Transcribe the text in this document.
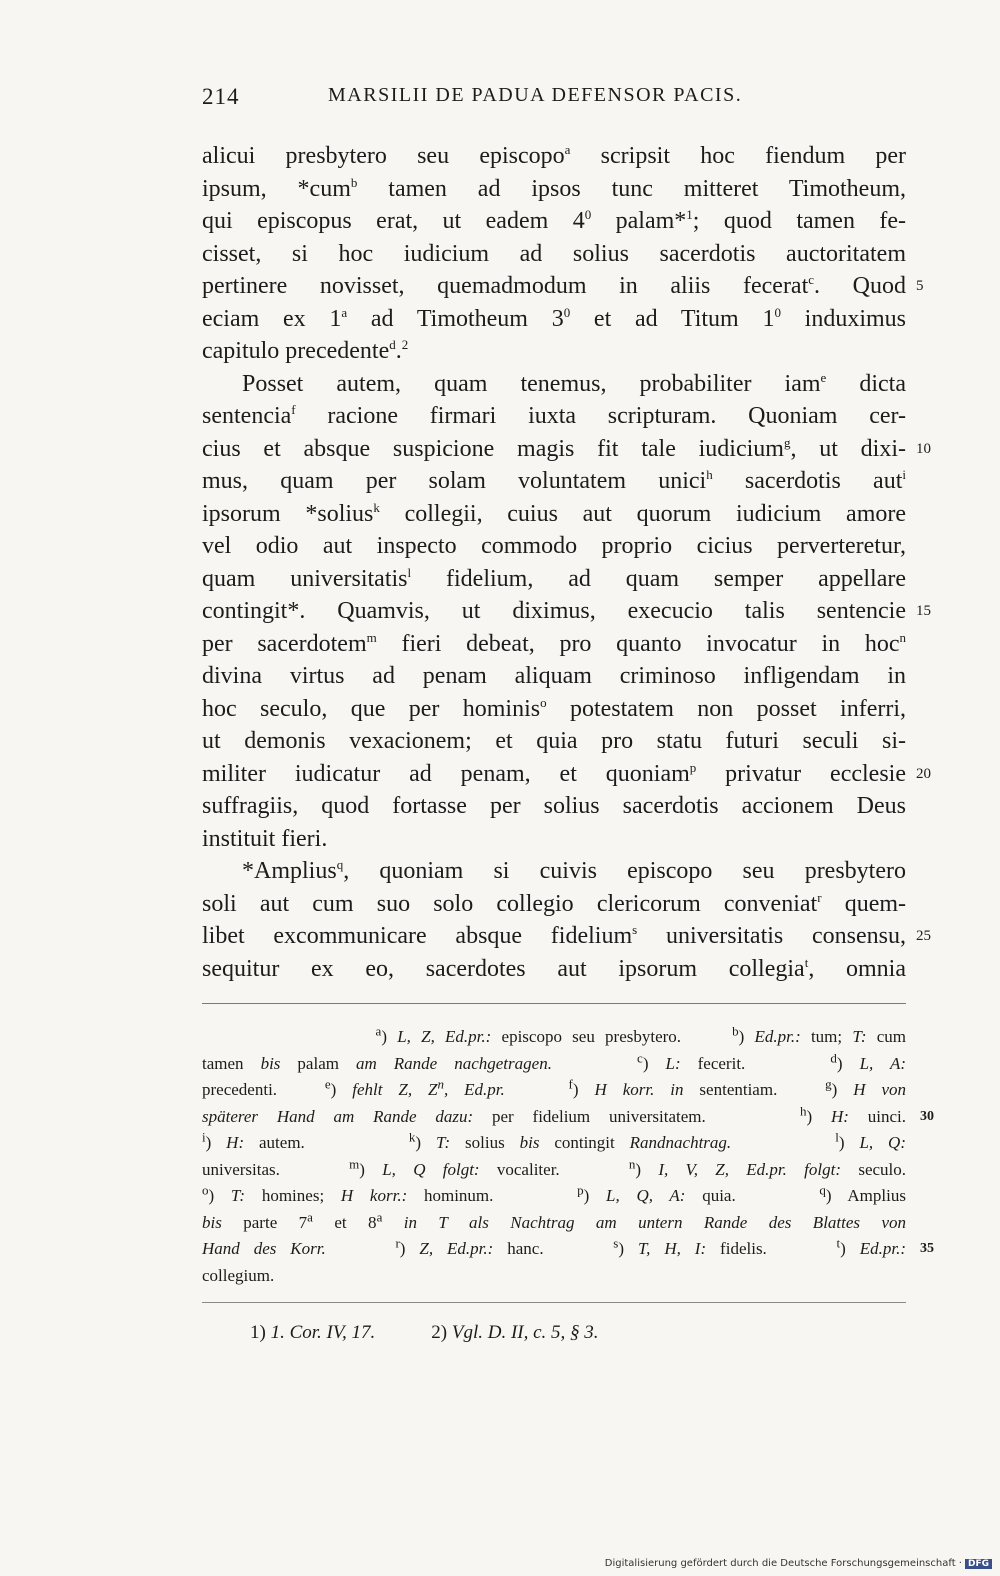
214	MARSILII DE PADUA DEFENSOR PACIS.
alicui presbytero seu episcopo$^a$ scripsit hoc fiendum per
ipsum, *cum$^b$ tamen ad ipsos tunc mitteret Timotheum,
qui episcopus erat, ut eadem $4^0$ palam*$^1$; quod tamen fe-
cisset, si hoc iudicium ad solius sacerdotis auctoritatem
pertinere novisset, quemadmodum in aliis fecerat$^c$. Quod 5
eciam ex 1$^a$ ad Timotheum $3^0$ et ad Titum $1^0$ induximus
capitulo precedente$^d$.$^2$
Posset autem, quam tenemus, probabiliter iam$^e$ dicta
sentencia$^f$ racione firmari iuxta scripturam. Quoniam cer-
cius et absque suspicione magis fit tale iudicium$^g$, ut dixi- 10
mus, quam per solam voluntatem unici$^h$ sacerdotis aut$^i$
ipsorum *solius$^k$ collegii, cuius aut quorum iudicium amore
vel odio aut inspecto commodo proprio cicius perverteretur,
quam universitatis$^l$ fidelium, ad quam semper appellare
contingit*. Quamvis, ut diximus, execucio talis sentencie 15
per sacerdotem$^m$ fieri debeat, pro quanto invocatur in hoc$^n$
divina virtus ad penam aliquam criminoso infligendam in
hoc seculo, que per hominis$^o$ potestatem non posset inferri,
ut demonis vexacionem; et quia pro statu futuri seculi si-
militer iudicatur ad penam, et quoniam$^p$ privatur ecclesie 20
suffragiis, quod fortasse per solius sacerdotis accionem Deus
instituit fieri.
*Amplius$^q$, quoniam si cuivis episcopo seu presbytero
soli aut cum suo solo collegio clericorum conveniat$^r$ quem-
libet excommunicare absque fidelium$^s$ universitatis consensu, 25
sequitur ex eo, sacerdotes aut ipsorum collegia$^t$, omnia
$^a$) L, Z, Ed.pr.: episcopo seu presbytero.     $^b$) Ed.pr.: tum; T: cum
tamen bis palam am Rande nachgetragen.	$^c$) L: fecerit.     $^d$) L, A:
precedenti.   $^e$) fehlt Z, $Z^n$, Ed.pr.	$^f$) H korr. in sententiam.   $^g$) H von
späterer Hand am Rande dazu: per fidelium universitatem.     $^h$) H: uinci. 30
$^i$) H: autem.       $^k$) T: solius bis contingit Randnachtrag.	$^l$) L, Q:
universitas.    $^m$) L, Q folgt: vocaliter.    $^n$) I, V, Z, Ed.pr. folgt: seculo.
$^o$) T: homines; H korr.: hominum.     $^p$) L, Q, A: quia.     $^q$) Amplius
bis parte 7$^a$ et 8$^a$ in T als Nachtrag am untern Rande des Blattes von
Hand des Korr.	$^r$) Z, Ed.pr.: hanc.     $^s$) T, H, I: fidelis.     $^t$) Ed.pr.: 35
collegium.
1) 1. Cor. IV, 17.	2) Vgl. D. II, c. 5, § 3.
Digitalisierung gefördert durch die Deutsche Forschungsgemeinschaft · DFG
